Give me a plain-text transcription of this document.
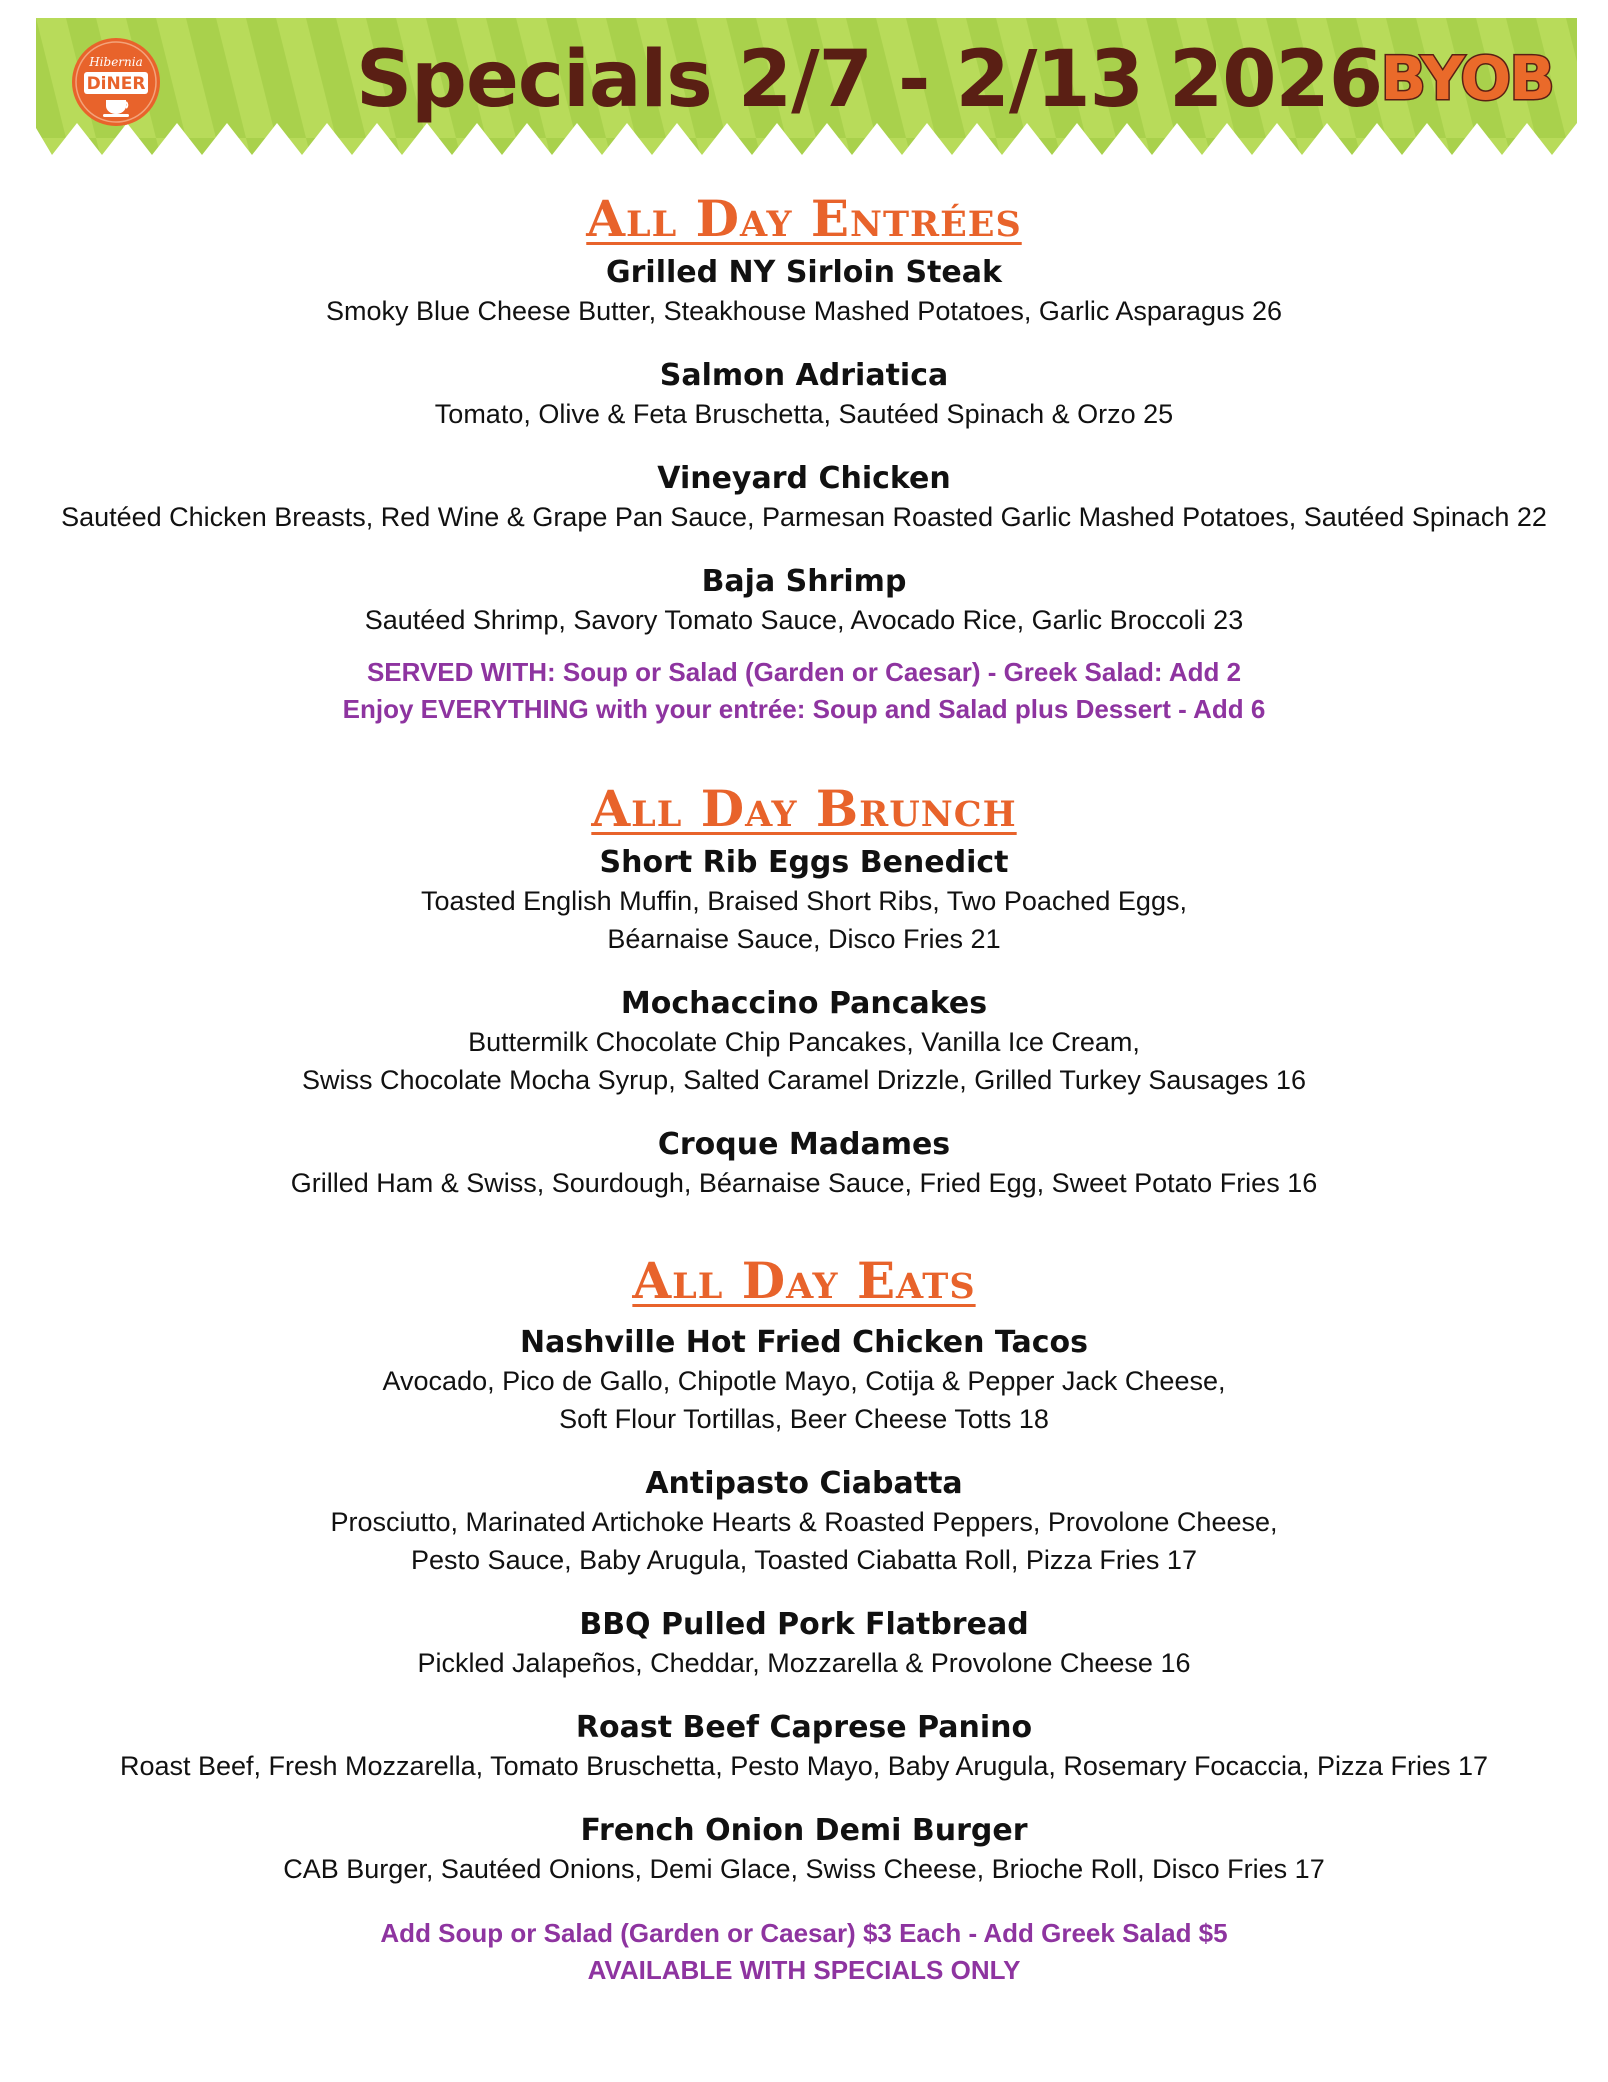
Hibernia
DiNER	Specials 2/7 - 2/13 2026
BYOB
All Day Entrées

Grilled NY Sirloin Steak

Smoky Blue Cheese Butter, Steakhouse Mashed Potatoes, Garlic Asparagus 26

Salmon Adriatica

Tomato, Olive & Feta Bruschetta, Sautéed Spinach & Orzo 25

Vineyard Chicken

Sautéed Chicken Breasts, Red Wine & Grape Pan Sauce, Parmesan Roasted Garlic Mashed Potatoes, Sautéed Spinach 22

Baja Shrimp

Sautéed Shrimp, Savory Tomato Sauce, Avocado Rice, Garlic Broccoli 23

SERVED WITH: Soup or Salad (Garden or Caesar) - Greek Salad: Add 2

Enjoy EVERYTHING with your entrée: Soup and Salad plus Dessert - Add 6

All Day Brunch

Short Rib Eggs Benedict

Toasted English Muffin, Braised Short Ribs, Two Poached Eggs,
Béarnaise Sauce, Disco Fries 21

Mochaccino Pancakes

Buttermilk Chocolate Chip Pancakes, Vanilla Ice Cream,
Swiss Chocolate Mocha Syrup, Salted Caramel Drizzle, Grilled Turkey Sausages 16

Croque Madames

Grilled Ham & Swiss, Sourdough, Béarnaise Sauce, Fried Egg, Sweet Potato Fries 16

All Day Eats

Nashville Hot Fried Chicken Tacos

Avocado, Pico de Gallo, Chipotle Mayo, Cotija & Pepper Jack Cheese,
Soft Flour Tortillas, Beer Cheese Totts 18

Antipasto Ciabatta

Prosciutto, Marinated Artichoke Hearts & Roasted Peppers, Provolone Cheese,
Pesto Sauce, Baby Arugula, Toasted Ciabatta Roll, Pizza Fries 17

BBQ Pulled Pork Flatbread

Pickled Jalapeños, Cheddar, Mozzarella & Provolone Cheese 16

Roast Beef Caprese Panino

Roast Beef, Fresh Mozzarella, Tomato Bruschetta, Pesto Mayo, Baby Arugula, Rosemary Focaccia, Pizza Fries 17

French Onion Demi Burger

CAB Burger, Sautéed Onions, Demi Glace, Swiss Cheese, Brioche Roll, Disco Fries 17

Add Soup or Salad (Garden or Caesar) $3 Each - Add Greek Salad $5

AVAILABLE WITH SPECIALS ONLY
